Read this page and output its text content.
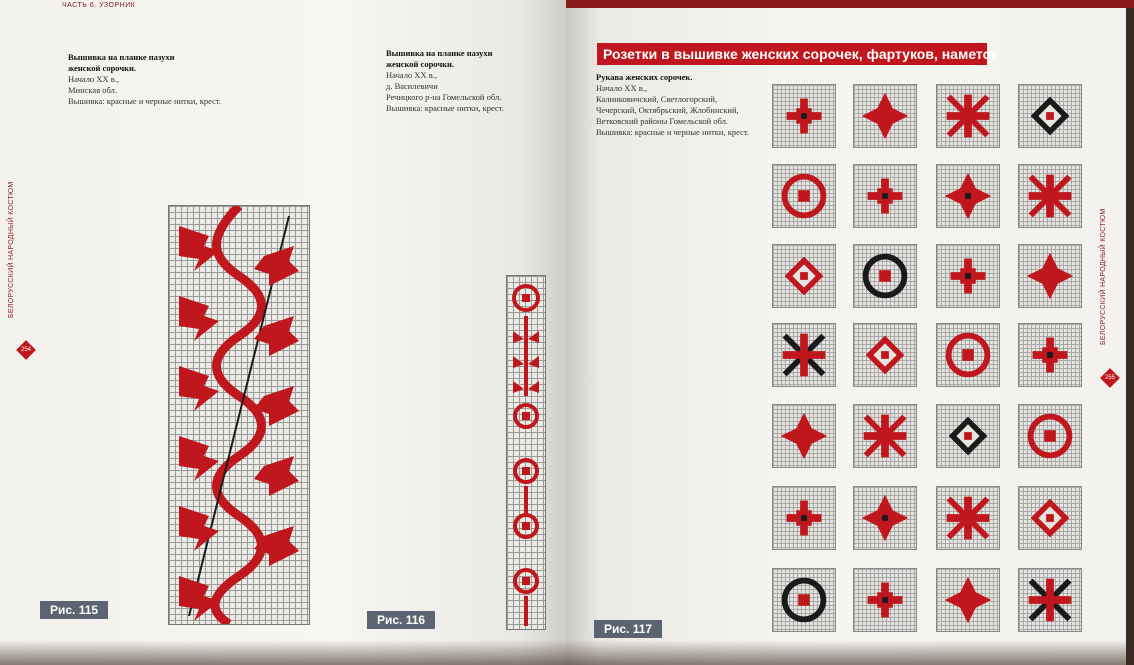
ЧАСТЬ 6. УЗОРНИК
БЕЛОРУССКИЙ НАРОДНЫЙ КОСТЮМ
254
Вышивка на планке пазухи
женской сорочки.
Начало XX в.,
Минская обл.
Вышивка: красные и черные нитки, крест.
Вышивка на планке пазухи
женской сорочки.
Начало XX в.,
д. Василевичи
Речицкого р-на Гомельской обл.
Вышивка: красные нитки, крест.
Рис. 115
Рис. 116
Розетки в вышивке женских сорочек, фартуков, наметок
Рукава женских сорочек.
Начало XX в.,
Калинковичский, Светлогорский,
Чечерский, Октябрьский, Жлобинский,
Ветковский районы Гомельской обл.
Вышивка: красные и черные нитки, крест.
БЕЛОРУССКИЙ НАРОДНЫЙ КОСТЮМ
255
Рис. 117
